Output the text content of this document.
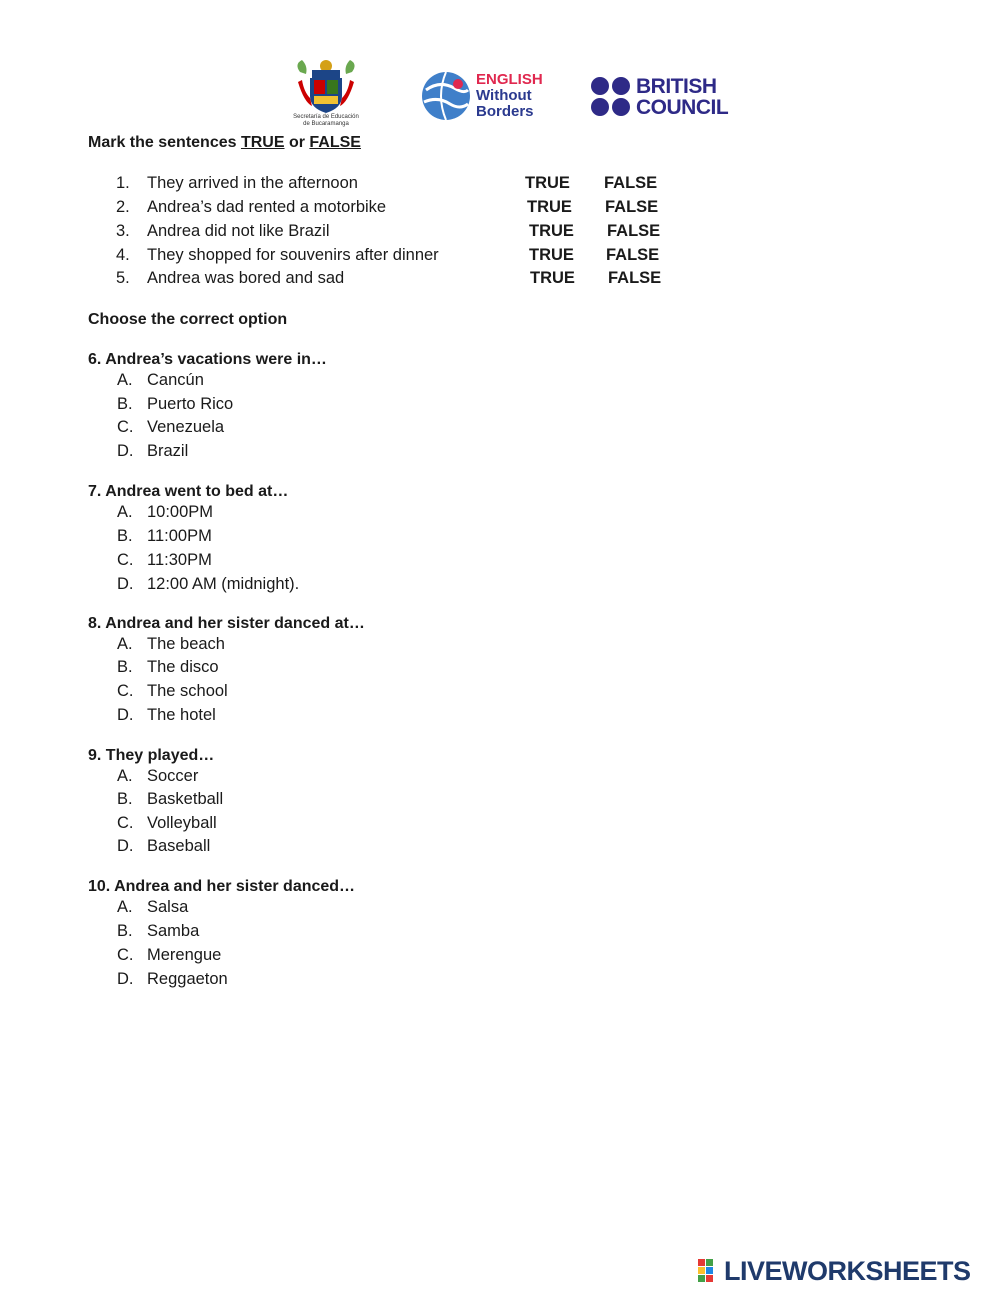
Secretaría de Educación de Bucaramanga
ENGLISH
Without
Borders
BRITISH
COUNCIL
Mark the sentences TRUE or FALSE
1.	They arrived in the afternoon	TRUE FALSE
2.	Andrea’s dad rented a motorbike	TRUE FALSE
3.	Andrea did not like Brazil	TRUE FALSE
4.	They shopped for souvenirs after dinner	TRUE FALSE
5.	Andrea was bored and sad	TRUE FALSE
Choose the correct option
6. Andrea’s vacations were in…
A. Cancún
B. Puerto Rico
C. Venezuela
D. Brazil
7. Andrea went to bed at…
A. 10:00PM
B. 11:00PM
C. 11:30PM
D. 12:00 AM (midnight).
8. Andrea and her sister danced at…
A. The beach
B. The disco
C. The school
D. The hotel
9. They played…
A. Soccer
B. Basketball
C. Volleyball
D. Baseball
10. Andrea and her sister danced…
A. Salsa
B. Samba
C. Merengue
D. Reggaeton
LIVEWORKSHEETS
